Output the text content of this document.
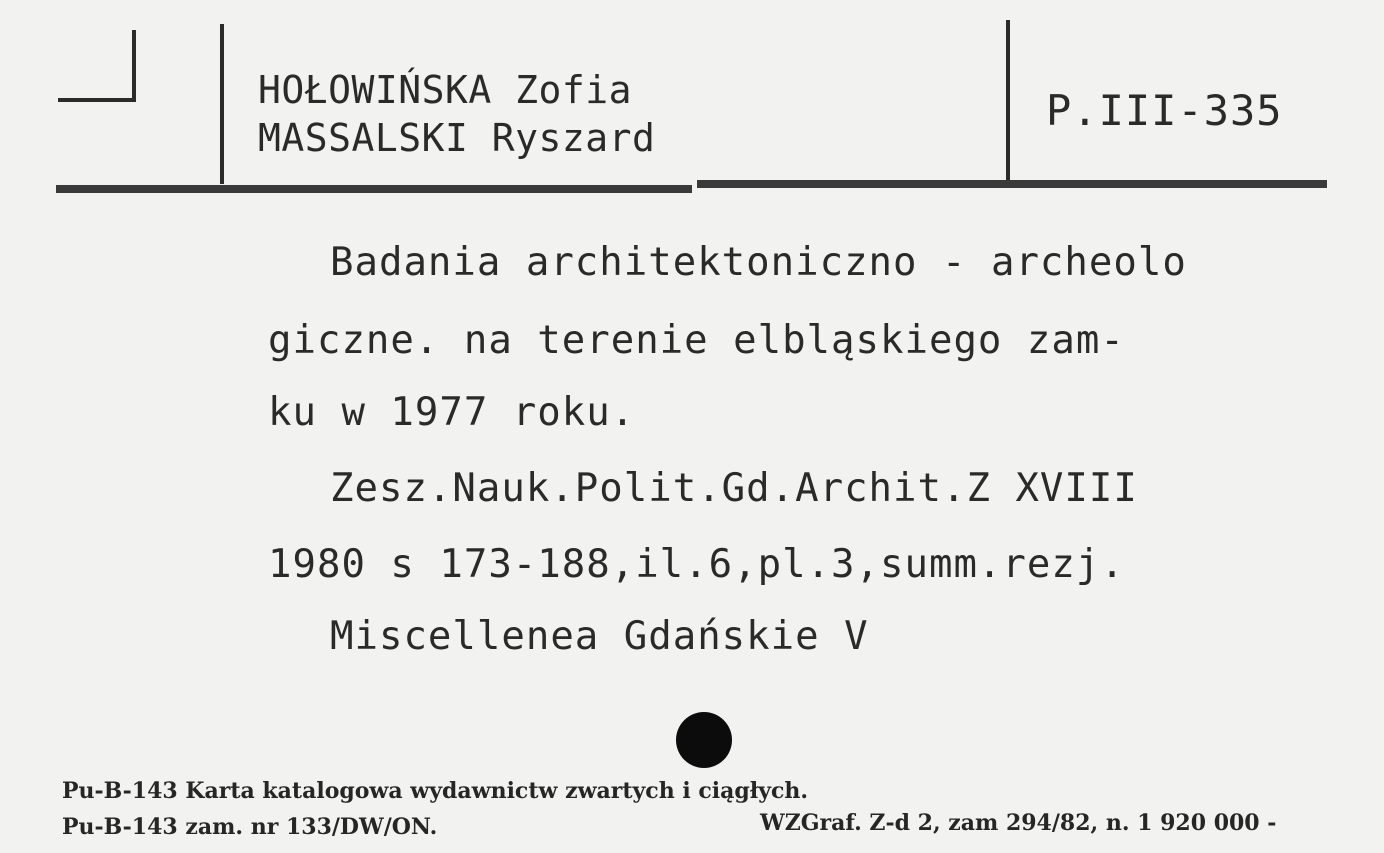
HOŁOWIŃSKA Zofia
MASSALSKI Ryszard
P.III-335
Badania architektoniczno - archeolo
giczne. na terenie elbląskiego zam-
ku w 1977 roku.
Zesz.Nauk.Polit.Gd.Archit.Z XVIII
1980 s 173-188,il.6,pl.3,summ.rezj.
Miscellenea Gdańskie V
Pu-B-143 Karta katalogowa wydawnictw zwartych i ciągłych.
Pu-B-143 zam. nr 133/DW/ON.	WZGraf. Z-d 2, zam 294/82, n. 1 920 000 -
